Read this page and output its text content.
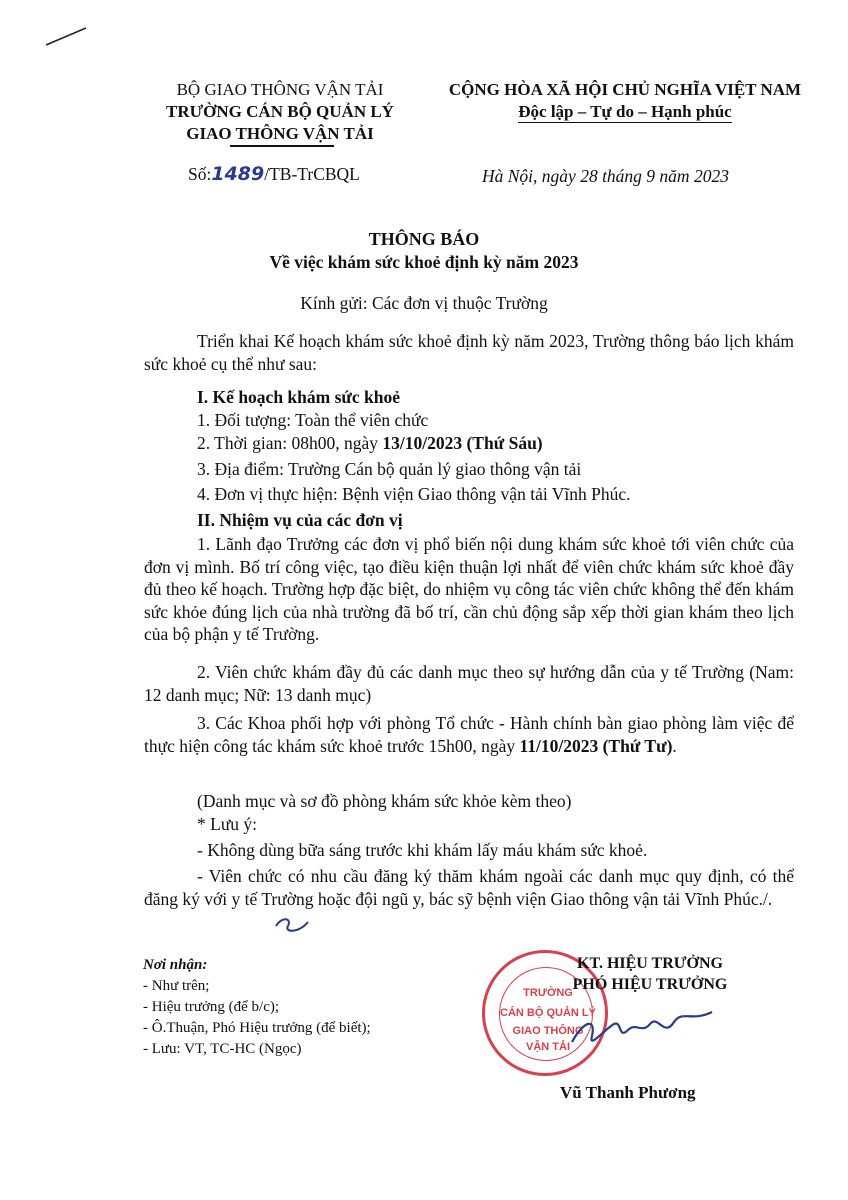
BỘ GIAO THÔNG VẬN TẢI
TRƯỜNG CÁN BỘ QUẢN LÝ
GIAO THÔNG VẬN TẢI
CỘNG HÒA XÃ HỘI CHỦ NGHĨA VIỆT NAM
Độc lập – Tự do – Hạnh phúc
Số:1489/TB-TrCBQL	Hà Nội, ngày 28 tháng 9 năm 2023
THÔNG BÁO
Về việc khám sức khoẻ định kỳ năm 2023
Kính gửi: Các đơn vị thuộc Trường
Triển khai Kế hoạch khám sức khoẻ định kỳ năm 2023, Trường thông báo lịch khám sức khoẻ cụ thể như sau:
I. Kế hoạch khám sức khoẻ
1. Đối tượng: Toàn thể viên chức
2. Thời gian: 08h00, ngày 13/10/2023 (Thứ Sáu)
3. Địa điểm: Trường Cán bộ quản lý giao thông vận tải
4. Đơn vị thực hiện: Bệnh viện Giao thông vận tải Vĩnh Phúc.
II. Nhiệm vụ của các đơn vị
1. Lãnh đạo Trưởng các đơn vị phổ biến nội dung khám sức khoẻ tới viên chức của đơn vị mình. Bố trí công việc, tạo điều kiện thuận lợi nhất để viên chức khám sức khoẻ đầy đủ theo kế hoạch. Trường hợp đặc biệt, do nhiệm vụ công tác viên chức không thể đến khám sức khỏe đúng lịch của nhà trường đã bố trí, cần chủ động sắp xếp thời gian khám theo lịch của bộ phận y tế Trường.
2. Viên chức khám đầy đủ các danh mục theo sự hướng dẫn của y tế Trường (Nam: 12 danh mục; Nữ: 13 danh mục)
3. Các Khoa phối hợp với phòng Tổ chức - Hành chính bàn giao phòng làm việc để thực hiện công tác khám sức khoẻ trước 15h00, ngày 11/10/2023 (Thứ Tư).
(Danh mục và sơ đồ phòng khám sức khỏe kèm theo)
* Lưu ý:
- Không dùng bữa sáng trước khi khám lấy máu khám sức khoẻ.
- Viên chức có nhu cầu đăng ký thăm khám ngoài các danh mục quy định, có thể đăng ký với y tế Trường hoặc đội ngũ y, bác sỹ bệnh viện Giao thông vận tải Vĩnh Phúc./.
Nơi nhận:
- Như trên;
- Hiệu trưởng (để b/c);
- Ô.Thuận, Phó Hiệu trưởng (để biết);
- Lưu: VT, TC-HC (Ngọc)
TRƯỜNG
CÁN BỘ QUẢN LÝ
GIAO THÔNG
VẬN TẢI
KT. HIỆU TRƯỞNG
PHÓ HIỆU TRƯỞNG
Vũ Thanh Phương
